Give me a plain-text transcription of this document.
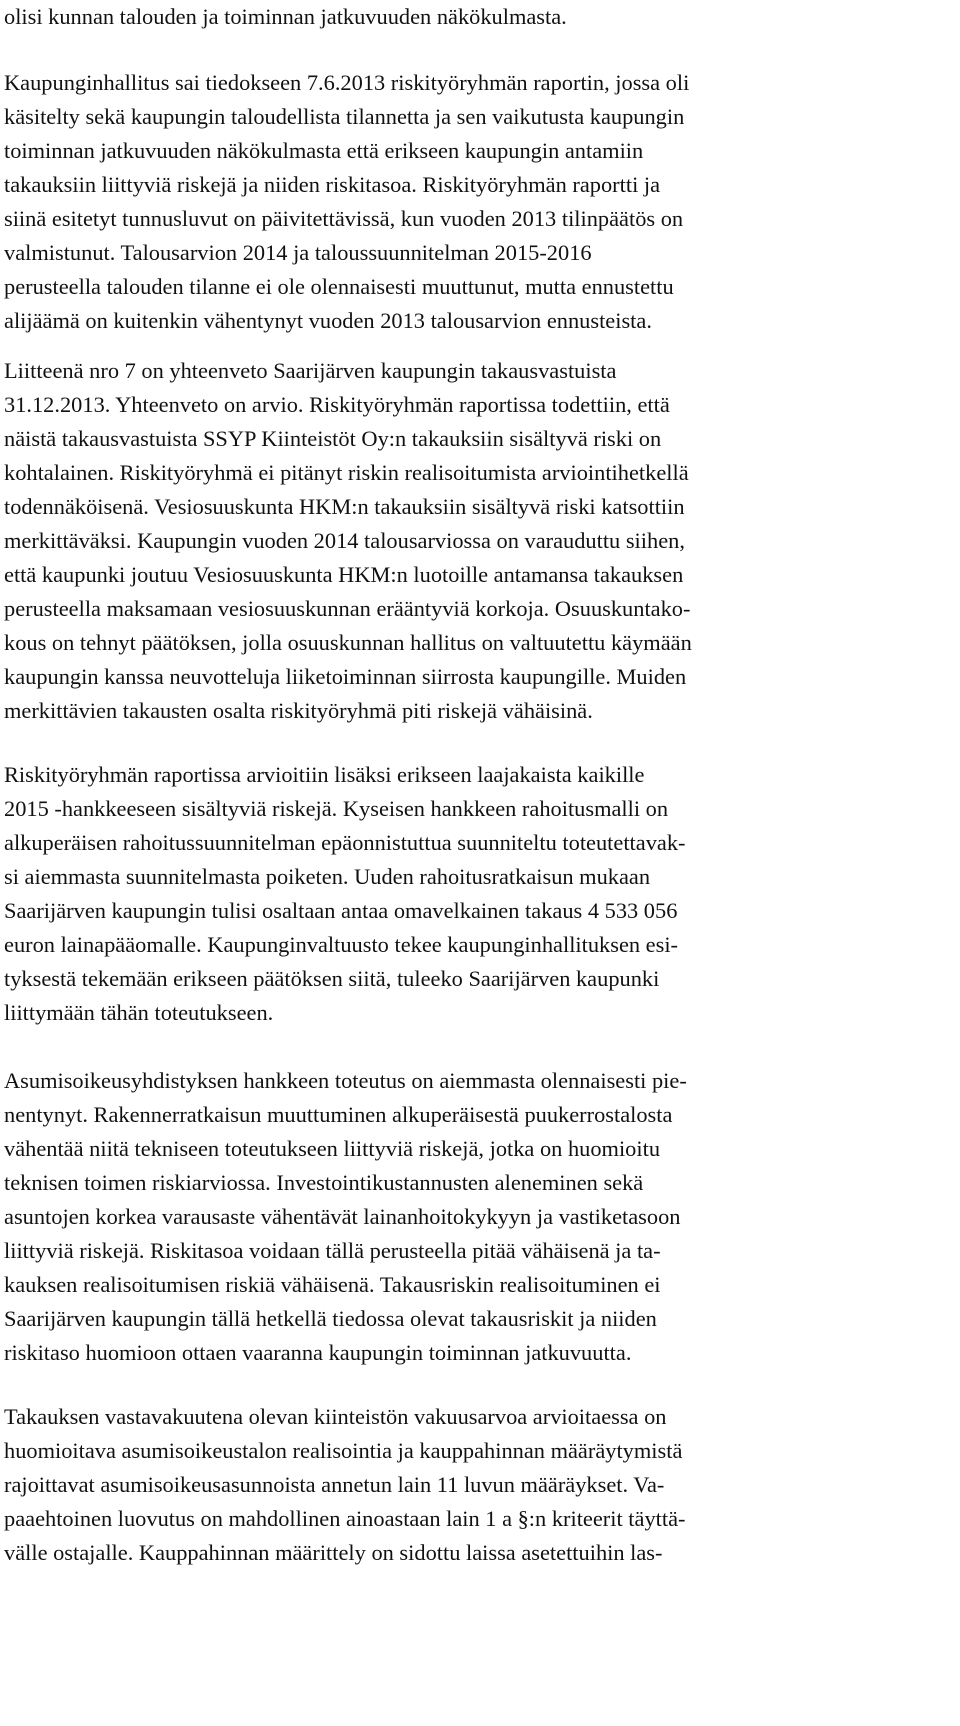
olisi kunnan talouden ja toiminnan jatkuvuuden näkökulmasta.
Kaupunginhallitus sai tiedokseen 7.6.2013 riskityöryhmän raportin, jossa oli
käsitelty sekä kaupungin taloudellista tilannetta ja sen vaikutusta kaupungin
toiminnan jatkuvuuden näkökulmasta että erikseen kaupungin antamiin
takauksiin liittyviä riskejä ja niiden riskitasoa. Riskityöryhmän raportti ja
siinä esitetyt tunnusluvut on päivitettävissä, kun vuoden 2013 tilinpäätös on
valmistunut. Talousarvion 2014 ja taloussuunnitelman 2015-2016
perusteella talouden tilanne ei ole olennaisesti muuttunut, mutta ennustettu
alijäämä on kuitenkin vähentynyt vuoden 2013 talousarvion ennusteista.
Liitteenä nro 7 on yhteenveto Saarijärven kaupungin takausvastuista
31.12.2013. Yhteenveto on arvio. Riskityöryhmän raportissa todettiin, että
näistä takausvastuista SSYP Kiinteistöt Oy:n takauksiin sisältyvä riski on
kohtalainen. Riskityöryhmä ei pitänyt riskin realisoitumista arviointihetkellä
todennäköisenä. Vesiosuuskunta HKM:n takauksiin sisältyvä riski katsottiin
merkittäväksi. Kaupungin vuoden 2014 talousarviossa on varauduttu siihen,
että kaupunki joutuu Vesiosuuskunta HKM:n luotoille antamansa takauksen
perusteella maksamaan vesiosuuskunnan erääntyviä korkoja. Osuuskuntako-
kous on tehnyt päätöksen, jolla osuuskunnan hallitus on valtuutettu käymään
kaupungin kanssa neuvotteluja liiketoiminnan siirrosta kaupungille. Muiden
merkittävien takausten osalta riskityöryhmä piti riskejä vähäisinä.
Riskityöryhmän raportissa arvioitiin lisäksi erikseen laajakaista kaikille
2015 -hankkeeseen sisältyviä riskejä. Kyseisen hankkeen rahoitusmalli on
alkuperäisen rahoitussuunnitelman epäonnistuttua suunniteltu toteutettavak-
si aiemmasta suunnitelmasta poiketen. Uuden rahoitusratkaisun mukaan
Saarijärven kaupungin tulisi osaltaan antaa omavelkainen takaus 4 533 056
euron lainapääomalle. Kaupunginvaltuusto tekee kaupunginhallituksen esi-
tyksestä tekemään erikseen päätöksen siitä, tuleeko Saarijärven kaupunki
liittymään tähän toteutukseen.
Asumisoikeusyhdistyksen hankkeen toteutus on aiemmasta olennaisesti pie-
nentynyt. Rakennerratkaisun muuttuminen alkuperäisestä puukerrostalosta
vähentää niitä tekniseen toteutukseen liittyviä riskejä, jotka on huomioitu
teknisen toimen riskiarviossa. Investointikustannusten aleneminen sekä
asuntojen korkea varausaste vähentävät lainanhoitokykyyn ja vastiketasoon
liittyviä riskejä. Riskitasoa voidaan tällä perusteella pitää vähäisenä ja ta-
kauksen realisoitumisen riskiä vähäisenä. Takausriskin realisoituminen ei
Saarijärven kaupungin tällä hetkellä tiedossa olevat takausriskit ja niiden
riskitaso huomioon ottaen vaaranna kaupungin toiminnan jatkuvuutta.
Takauksen vastavakuutena olevan kiinteistön vakuusarvoa arvioitaessa on
huomioitava asumisoikeustalon realisointia ja kauppahinnan määräytymistä
rajoittavat asumisoikeusasunnoista annetun lain 11 luvun määräykset. Va-
paaehtoinen luovutus on mahdollinen ainoastaan lain 1 a §:n kriteerit täyttä-
välle ostajalle. Kauppahinnan määrittely on sidottu laissa asetettuihin las-
